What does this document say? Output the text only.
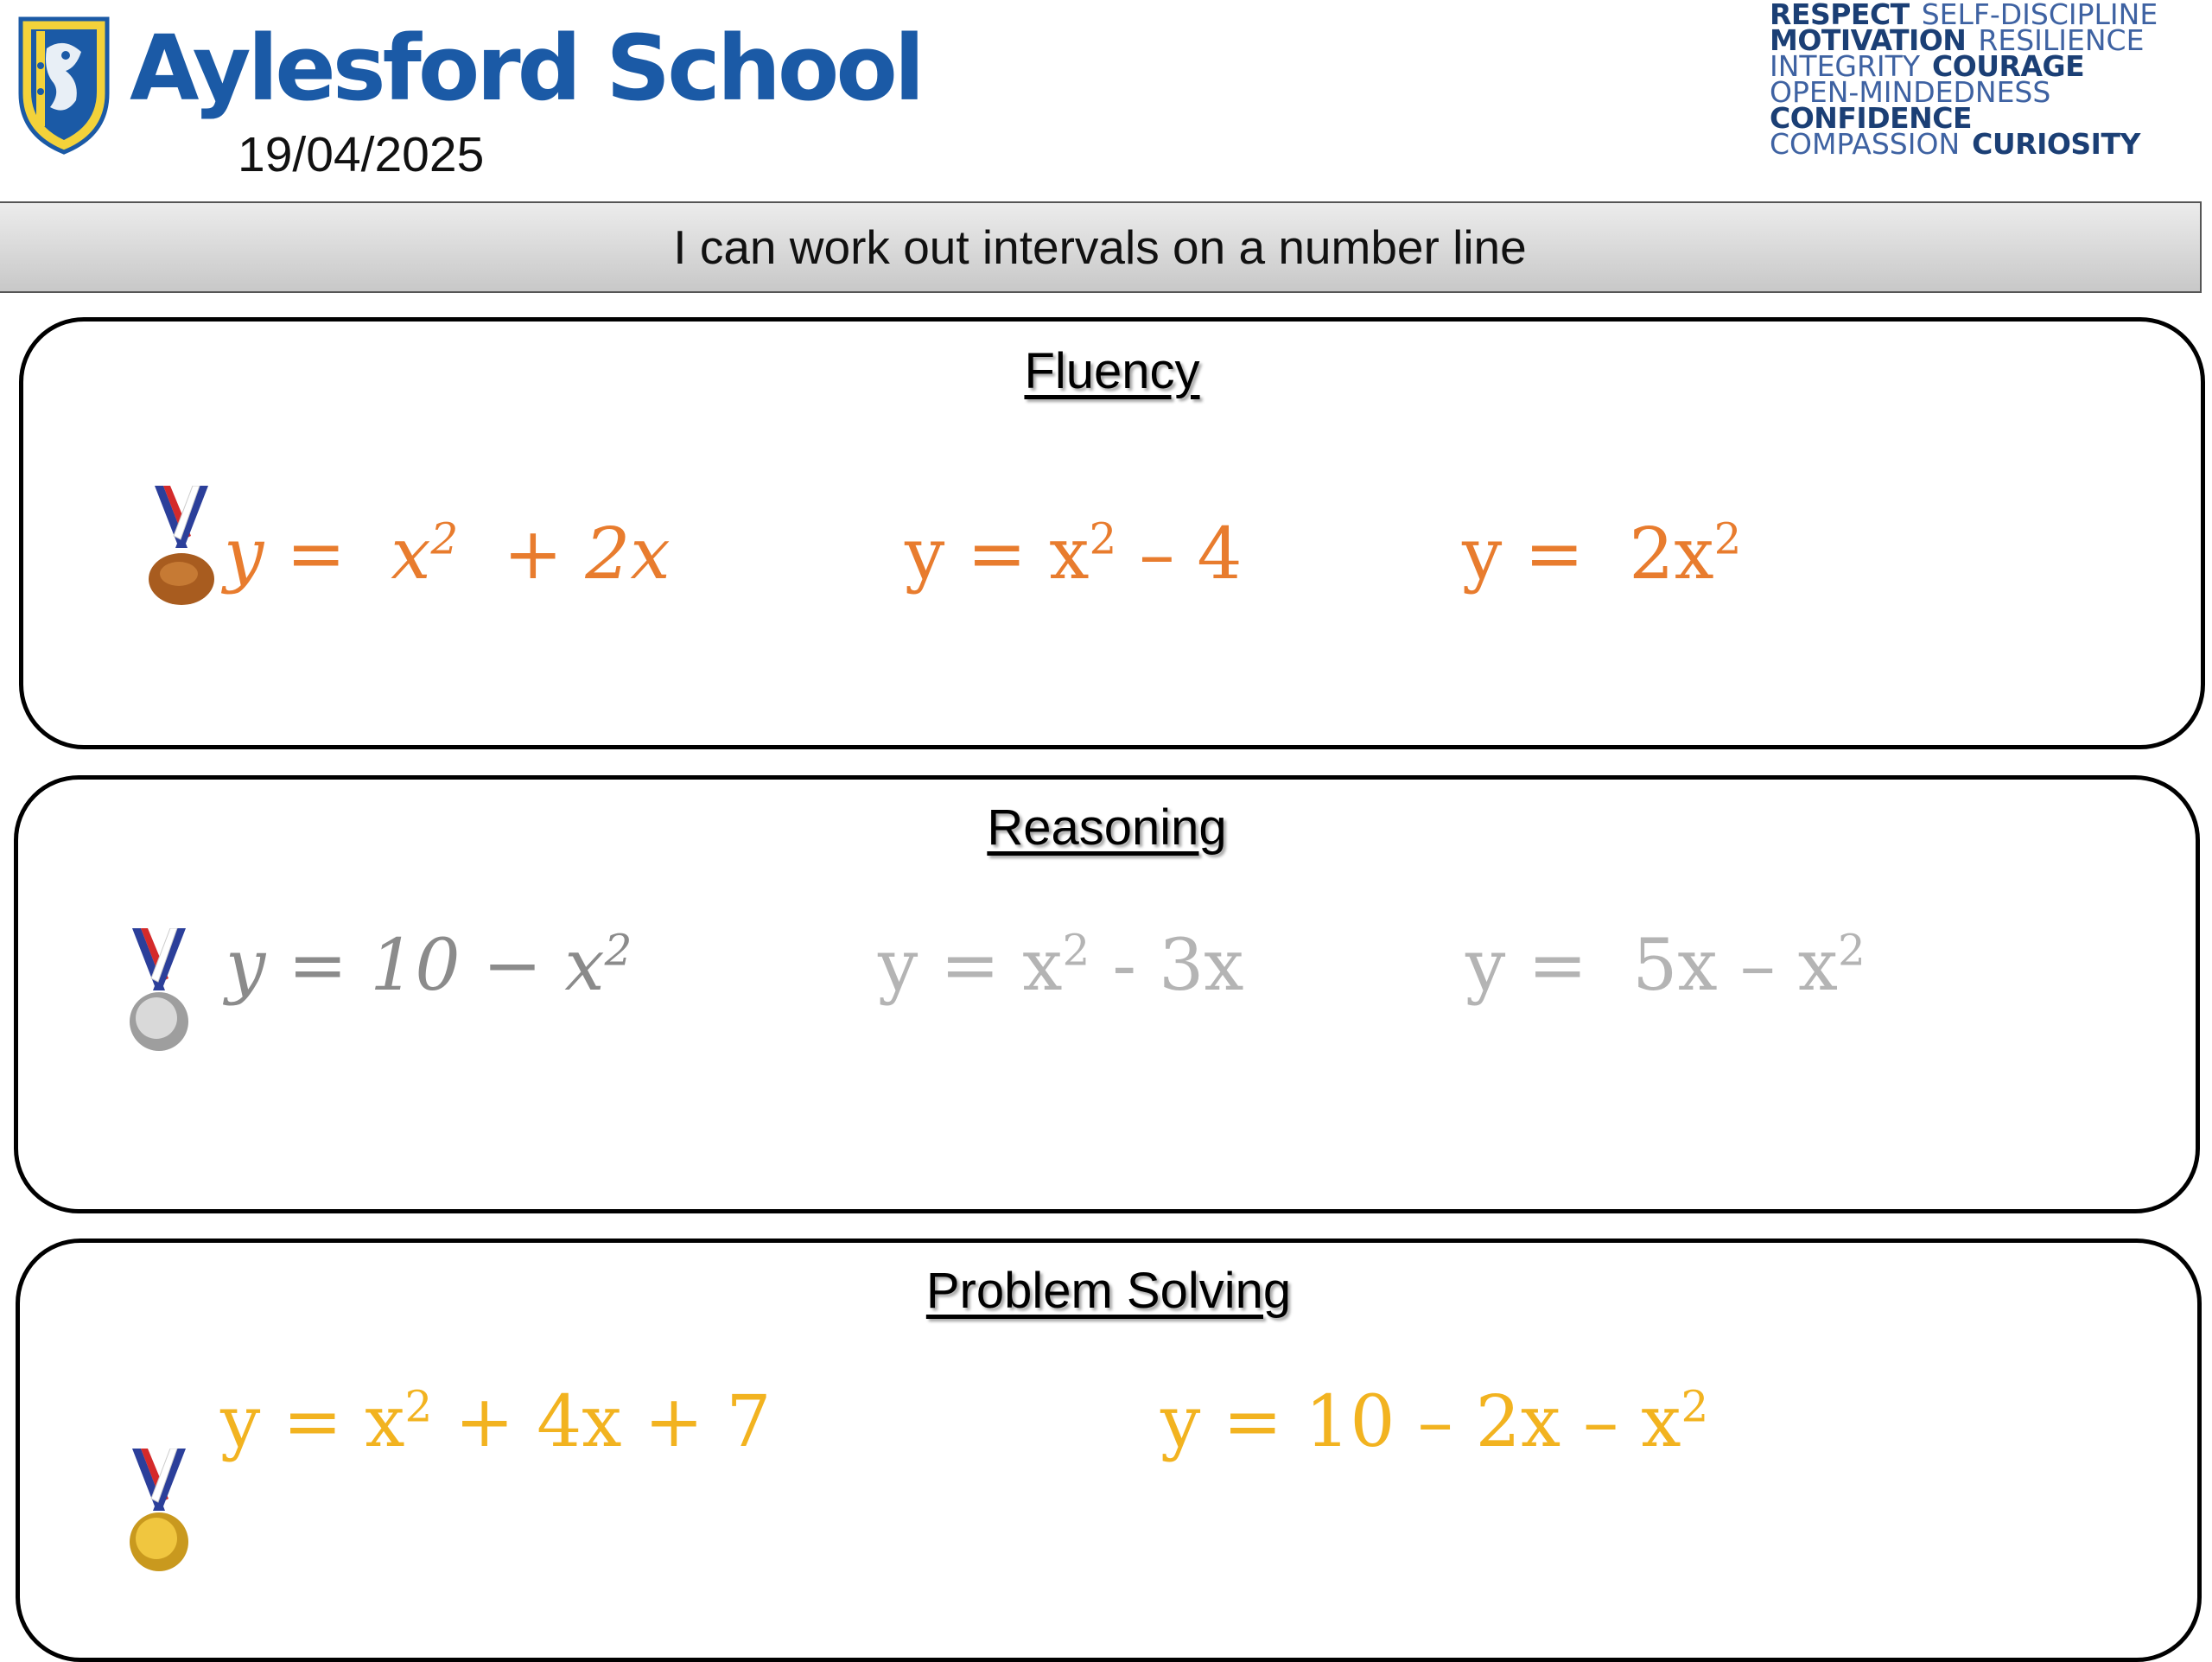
Aylesford School
19/04/2025
RESPECT SELF-DISCIPLINE
MOTIVATION RESILIENCE
INTEGRITY COURAGE
OPEN-MINDEDNESS
CONFIDENCE
COMPASSION CURIOSITY
I can work out intervals on a number line
Fluency
$y = x^2 + 2x$	$y = x^2 - 4$	$y = 2x^2$
Reasoning
$y = 10 - x^2$	$y = x^2 - 3x$	$y = 5x - x^2$
Problem Solving
$y = x^2 + 4x + 7$	$y = 10 - 2x - x^2$
